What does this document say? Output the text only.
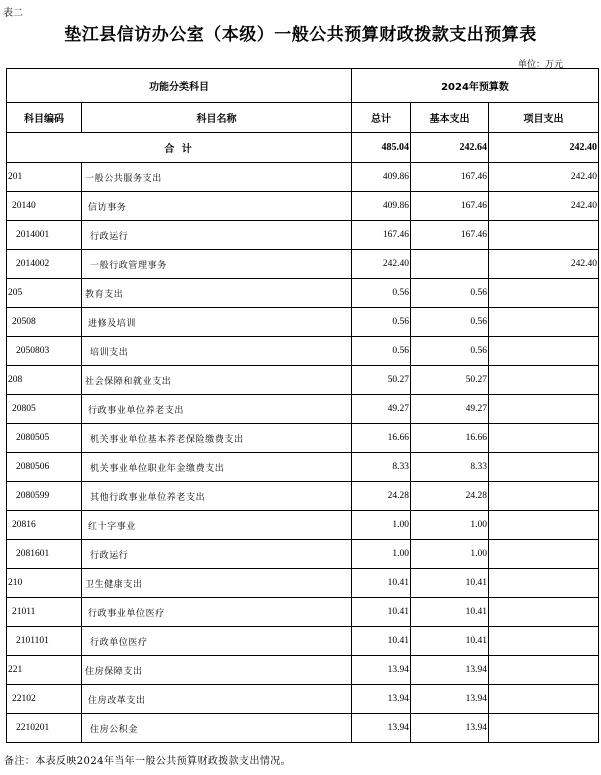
表二
垫江县信访办公室（本级）一般公共预算财政拨款支出预算表
单位：万元
功能分类科目		2024年预算数		
科目编码	科目名称	总计	基本支出	项目支出
合 计		485.04	242.64	242.40
201	一般公共服务支出	409.86	167.46	242.40
20140	信访事务	409.86	167.46	242.40
2014001	行政运行	167.46	167.46	
2014002	一般行政管理事务	242.40		242.40
205	教育支出	0.56	0.56	
20508	进修及培训	0.56	0.56	
2050803	培训支出	0.56	0.56	
208	社会保障和就业支出	50.27	50.27	
20805	行政事业单位养老支出	49.27	49.27	
2080505	机关事业单位基本养老保险缴费支出	16.66	16.66	
2080506	机关事业单位职业年金缴费支出	8.33	8.33	
2080599	其他行政事业单位养老支出	24.28	24.28	
20816	红十字事业	1.00	1.00	
2081601	行政运行	1.00	1.00	
210	卫生健康支出	10.41	10.41	
21011	行政事业单位医疗	10.41	10.41	
2101101	行政单位医疗	10.41	10.41	
221	住房保障支出	13.94	13.94	
22102	住房改革支出	13.94	13.94	
2210201	住房公积金	13.94	13.94	
备注：本表反映2024年当年一般公共预算财政拨款支出情况。
